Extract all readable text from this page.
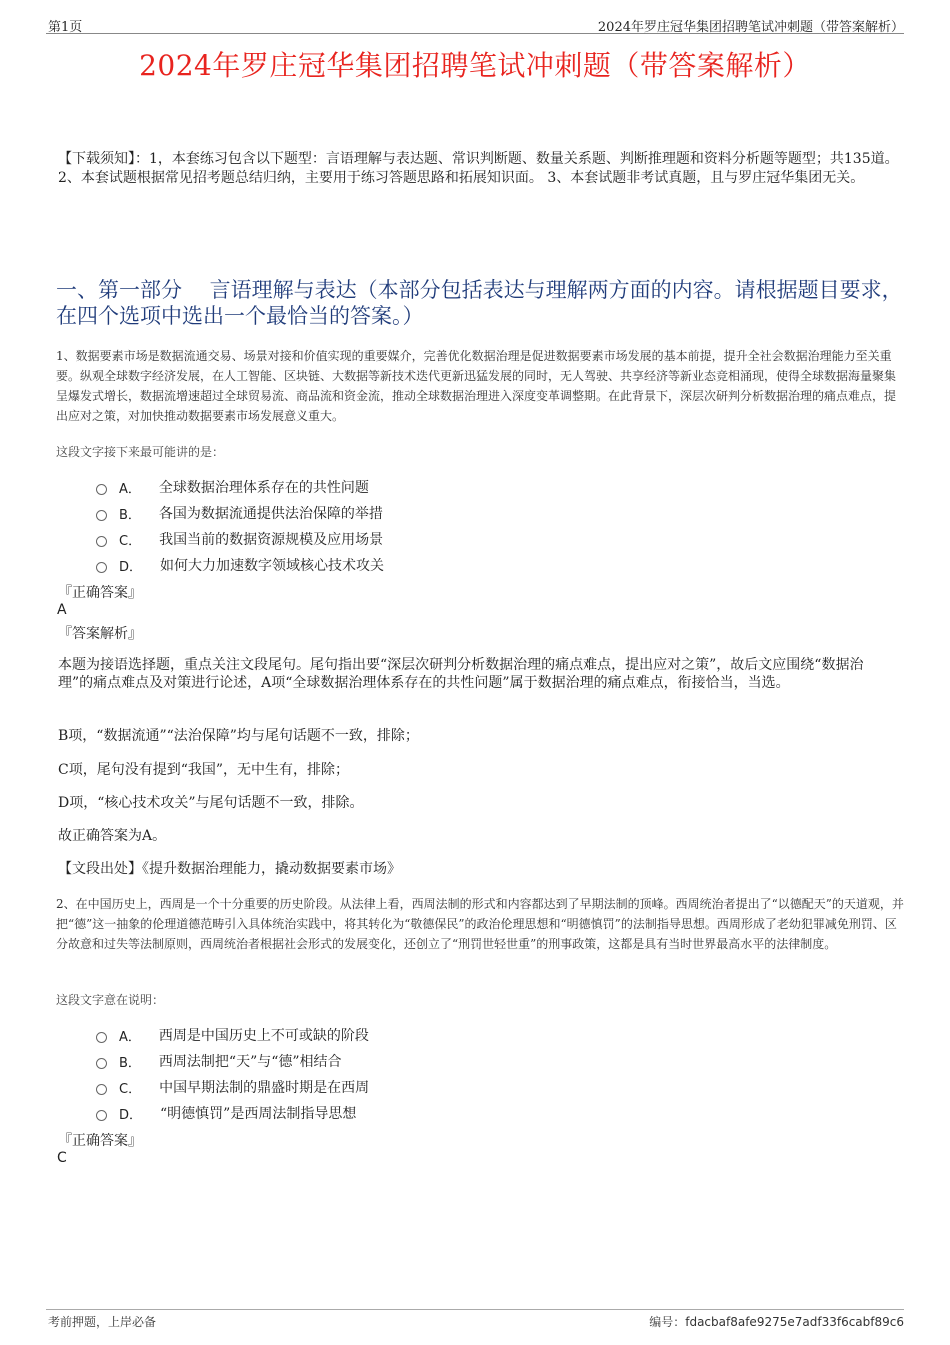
第1页	2024年罗庄冠华集团招聘笔试冲刺题（带答案解析）
2024年罗庄冠华集团招聘笔试冲刺题（带答案解析）
【下载须知】：1，本套练习包含以下题型：言语理解与表达题、常识判断题、数量关系题、判断推理题和资料分析题等题型；共135道。 2、本套试题根据常见招考题总结归纳，主要用于练习答题思路和拓展知识面。 3、本套试题非考试真题，且与罗庄冠华集团无关。
一、第一部分　 言语理解与表达（本部分包括表达与理解两方面的内容。请根据题目要求，在四个选项中选出一个最恰当的答案。）
1、数据要素市场是数据流通交易、场景对接和价值实现的重要媒介，完善优化数据治理是促进数据要素市场发展的基本前提，提升全社会数据治理能力至关重要。纵观全球数字经济发展，在人工智能、区块链、大数据等新技术迭代更新迅猛发展的同时，无人驾驶、共享经济等新业态竞相涌现，使得全球数据海量聚集呈爆发式增长，数据流增速超过全球贸易流、商品流和资金流，推动全球数据治理进入深度变革调整期。在此背景下，深层次研判分析数据治理的痛点难点，提出应对之策，对加快推动数据要素市场发展意义重大。
这段文字接下来最可能讲的是：
A． 全球数据治理体系存在的共性问题
B． 各国为数据流通提供法治保障的举措
C． 我国当前的数据资源规模及应用场景
D． 如何大力加速数字领域核心技术攻关
『正确答案』
A
『答案解析』
本题为接语选择题，重点关注文段尾句。尾句指出要“深层次研判分析数据治理的痛点难点，提出应对之策”，故后文应围绕“数据治理”的痛点难点及对策进行论述，A项“全球数据治理体系存在的共性问题”属于数据治理的痛点难点，衔接恰当，当选。
B项，“数据流通”“法治保障”均与尾句话题不一致，排除；
C项，尾句没有提到“我国”，无中生有，排除；
D项，“核心技术攻关”与尾句话题不一致，排除。
故正确答案为A。
【文段出处】《提升数据治理能力，撬动数据要素市场》
2、在中国历史上，西周是一个十分重要的历史阶段。从法律上看，西周法制的形式和内容都达到了早期法制的顶峰。西周统治者提出了“以德配天”的天道观，并把“德”这一抽象的伦理道德范畴引入具体统治实践中，将其转化为“敬德保民”的政治伦理思想和“明德慎罚”的法制指导思想。西周形成了老幼犯罪减免刑罚、区分故意和过失等法制原则，西周统治者根据社会形式的发展变化，还创立了“刑罚世轻世重”的刑事政策，这都是具有当时世界最高水平的法律制度。
这段文字意在说明：
A． 西周是中国历史上不可或缺的阶段
B． 西周法制把“天”与“德”相结合
C． 中国早期法制的鼎盛时期是在西周
D． “明德慎罚”是西周法制指导思想
『正确答案』
C
考前押题，上岸必备	编号：fdacbaf8afe9275e7adf33f6cabf89c6
